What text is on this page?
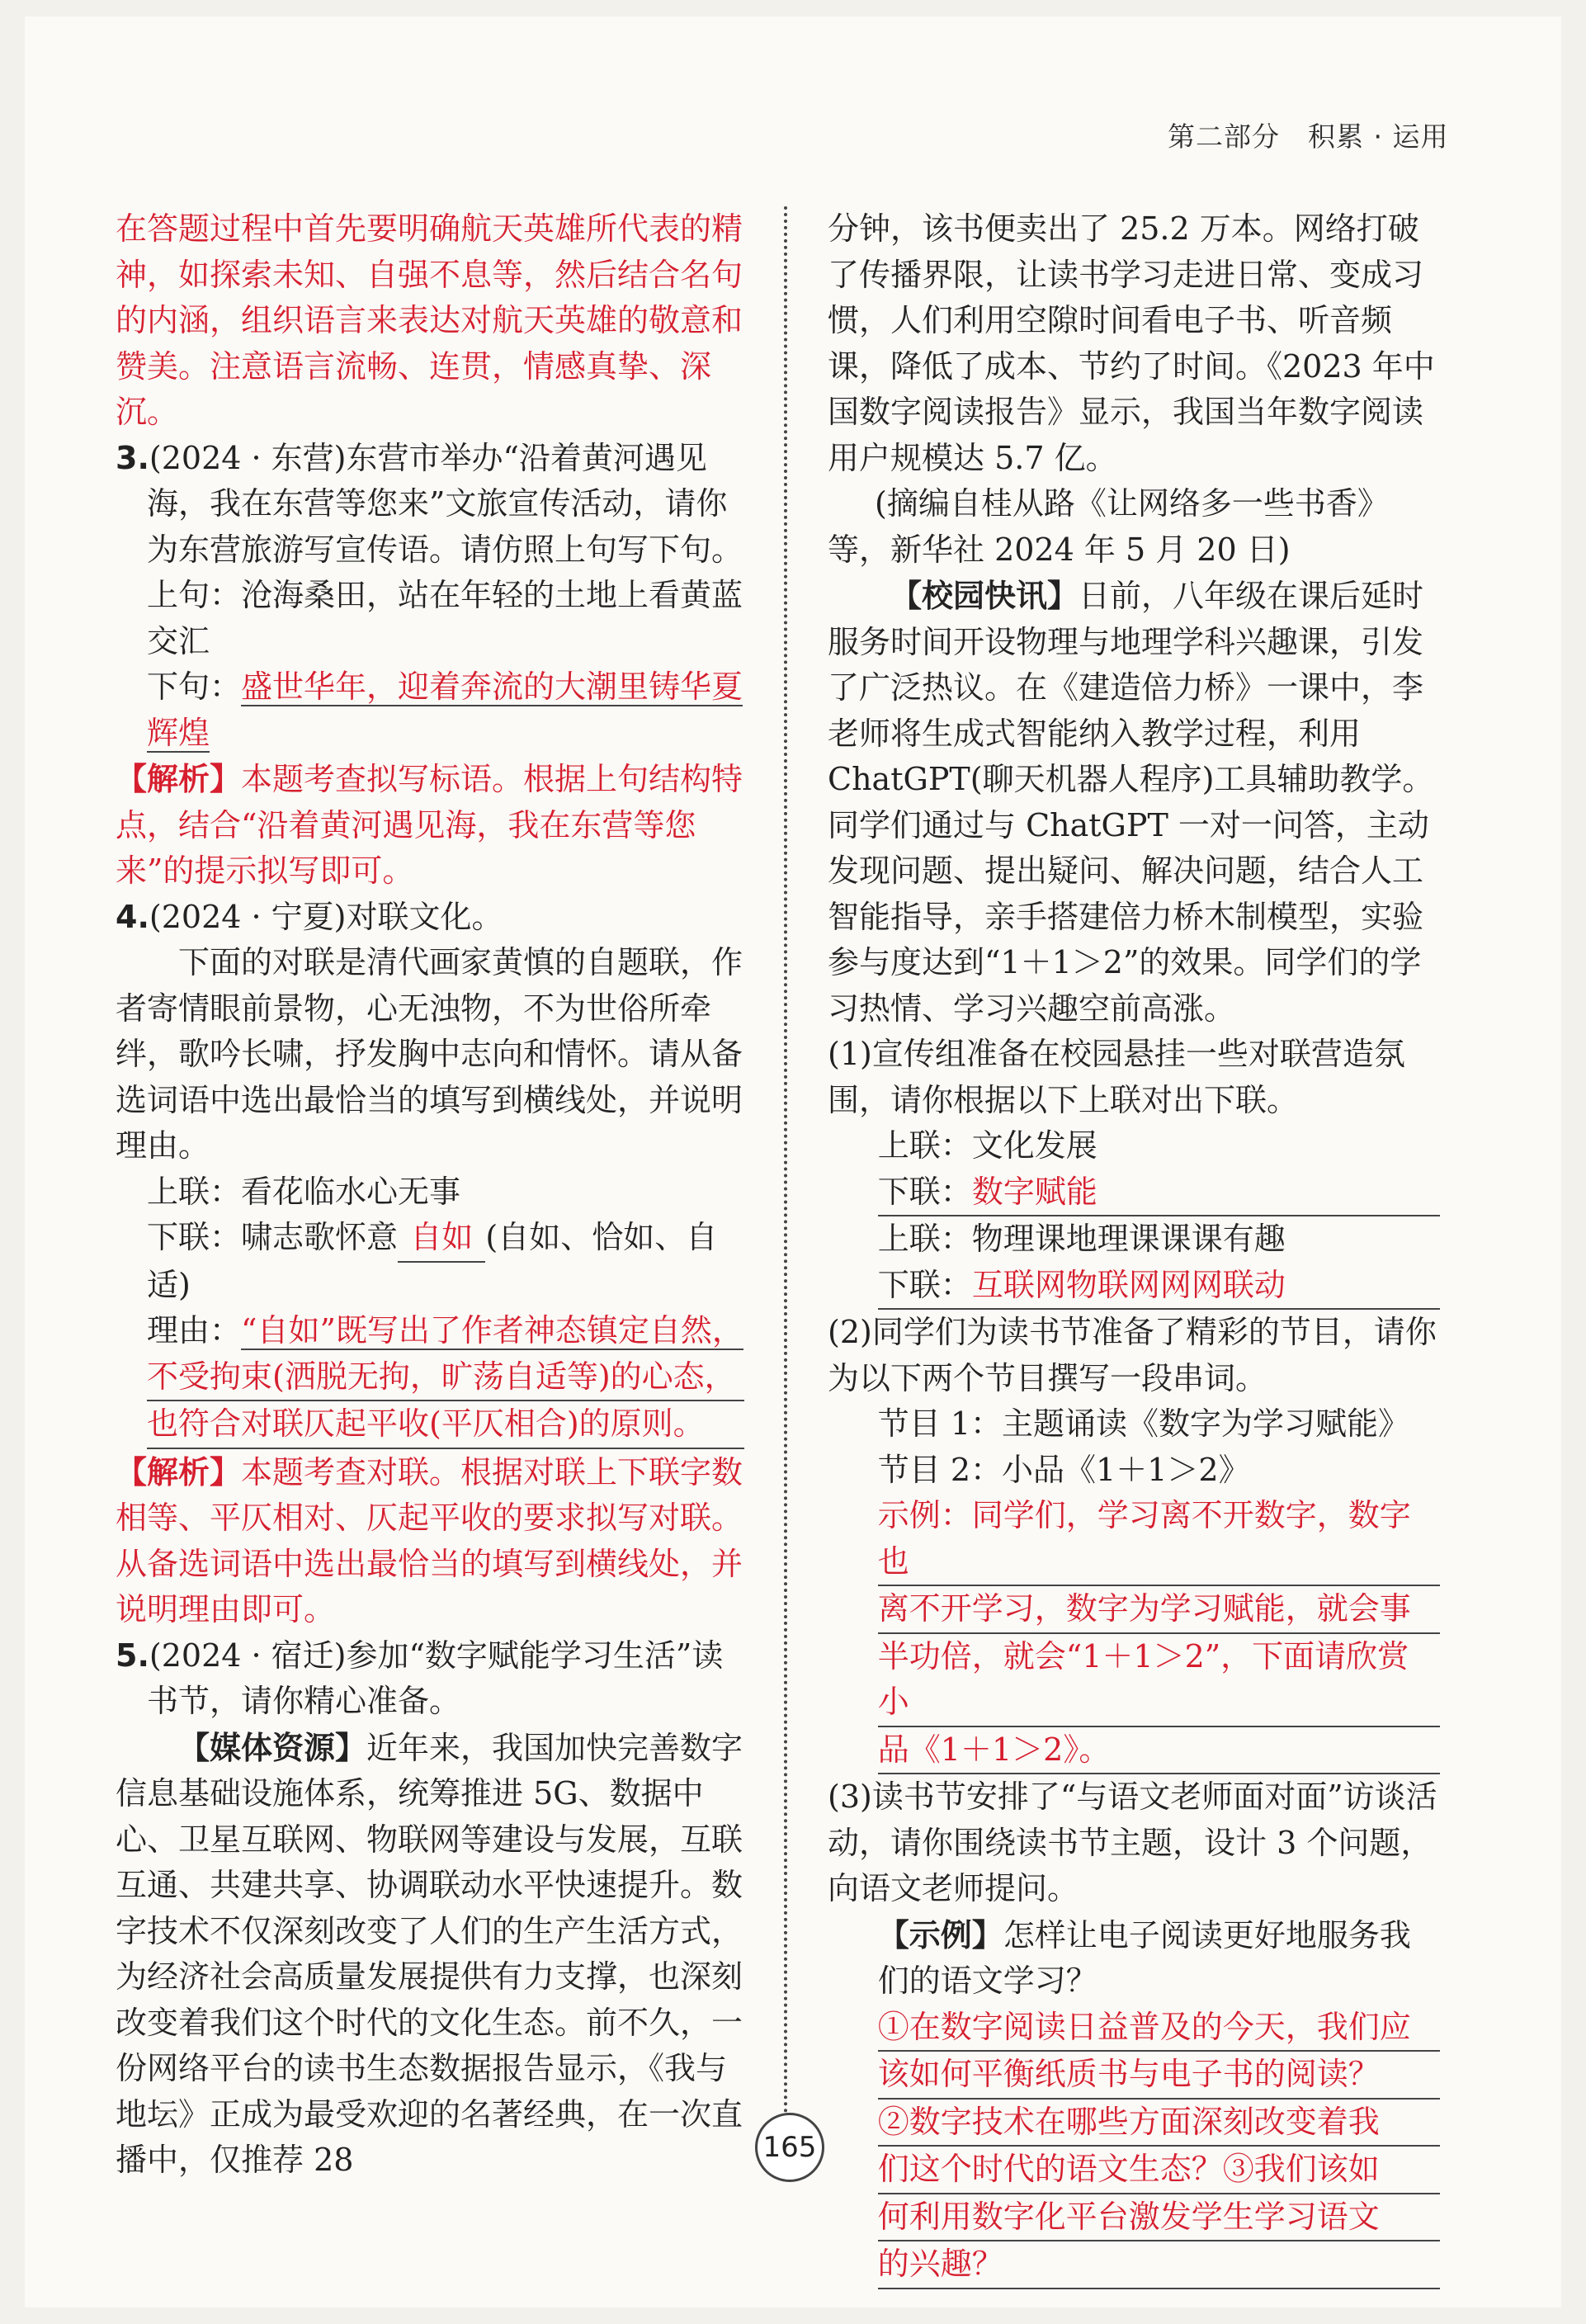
第二部分　积累 · 运用

在答题过程中首先要明确航天英雄所代表的精神，如探索未知、自强不息等，然后结合名句的内涵，组织语言来表达对航天英雄的敬意和赞美。注意语言流畅、连贯，情感真挚、深沉。

3.(2024 · 东营)东营市举办“沿着黄河遇见海，我在东营等您来”文旅宣传活动，请你为东营旅游写宣传语。请仿照上句写下句。

上句：沧海桑田，站在年轻的土地上看黄蓝交汇

下句：盛世华年，迎着奔流的大潮里铸华夏辉煌

【解析】本题考查拟写标语。根据上句结构特点，结合“沿着黄河遇见海，我在东营等您来”的提示拟写即可。

4.(2024 · 宁夏)对联文化。

下面的对联是清代画家黄慎的自题联，作者寄情眼前景物，心无浊物，不为世俗所牵绊，歌吟长啸，抒发胸中志向和情怀。请从备选词语中选出最恰当的填写到横线处，并说明理由。

上联：看花临水心无事

下联：啸志歌怀意 自如 (自如、恰如、自适)

理由：“自如”既写出了作者神态镇定自然，
不受拘束(洒脱无拘，旷荡自适等)的心态，
也符合对联仄起平收(平仄相合)的原则。

【解析】本题考查对联。根据对联上下联字数相等、平仄相对、仄起平收的要求拟写对联。从备选词语中选出最恰当的填写到横线处，并说明理由即可。

5.(2024 · 宿迁)参加“数字赋能学习生活”读书节，请你精心准备。

【媒体资源】近年来，我国加快完善数字信息基础设施体系，统筹推进 5G、数据中心、卫星互联网、物联网等建设与发展，互联互通、共建共享、协调联动水平快速提升。数字技术不仅深刻改变了人们的生产生活方式，为经济社会高质量发展提供有力支撑，也深刻改变着我们这个时代的文化生态。前不久，一份网络平台的读书生态数据报告显示，《我与地坛》正成为最受欢迎的名著经典，在一次直播中，仅推荐 28

分钟，该书便卖出了 25.2 万本。网络打破了传播界限，让读书学习走进日常、变成习惯，人们利用空隙时间看电子书、听音频课，降低了成本、节约了时间。《2023 年中国数字阅读报告》显示，我国当年数字阅读用户规模达 5.7 亿。

(摘编自桂从路《让网络多一些书香》等，新华社 2024 年 5 月 20 日)

【校园快讯】日前，八年级在课后延时服务时间开设物理与地理学科兴趣课，引发了广泛热议。在《建造倍力桥》一课中，李老师将生成式智能纳入教学过程，利用 ChatGPT(聊天机器人程序)工具辅助教学。同学们通过与 ChatGPT 一对一问答，主动发现问题、提出疑问、解决问题，结合人工智能指导，亲手搭建倍力桥木制模型，实验参与度达到“1＋1＞2”的效果。同学们的学习热情、学习兴趣空前高涨。

(1)宣传组准备在校园悬挂一些对联营造氛围，请你根据以下上联对出下联。

上联：文化发展

下联：数字赋能

上联：物理课地理课课课有趣

下联：互联网物联网网网联动

(2)同学们为读书节准备了精彩的节目，请你为以下两个节目撰写一段串词。

节目 1：主题诵读《数字为学习赋能》

节目 2：小品《1＋1＞2》

示例：同学们，学习离不开数字，数字也
离不开学习，数字为学习赋能，就会事
半功倍，就会“1＋1＞2”，下面请欣赏小
品《1＋1＞2》。

(3)读书节安排了“与语文老师面对面”访谈活动，请你围绕读书节主题，设计 3 个问题，向语文老师提问。

【示例】怎样让电子阅读更好地服务我们的语文学习？

①在数字阅读日益普及的今天，我们应
该如何平衡纸质书与电子书的阅读？
②数字技术在哪些方面深刻改变着我
们这个时代的语文生态？③我们该如
何利用数字化平台激发学生学习语文
的兴趣？
165
